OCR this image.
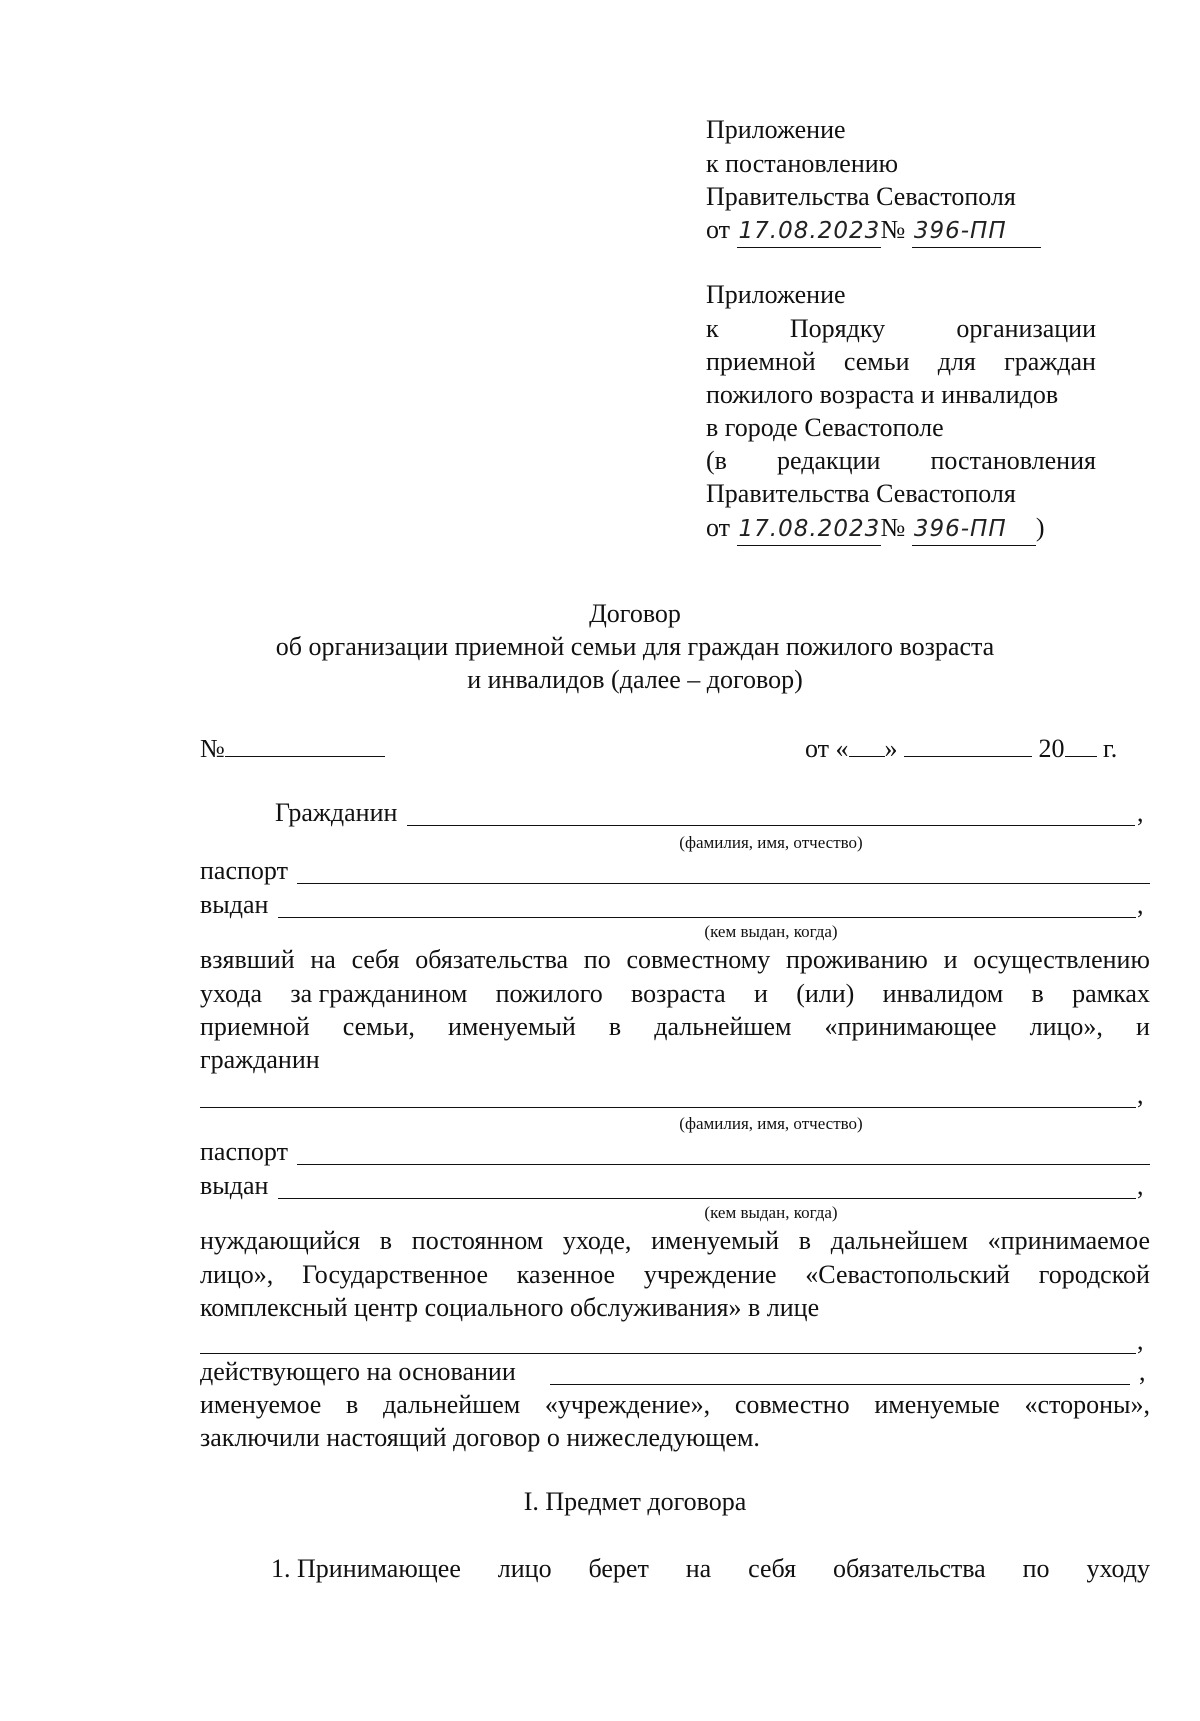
Приложение
к постановлению
Правительства Севастополя
от 17.08.2023№ 396-ПП
Приложение
к	Порядку	организации
приемной семьи для граждан
пожилого возраста и инвалидов
в городе Севастополе
(в редакции постановления
Правительства Севастополя
от 17.08.2023№ 396-ПП )
Договор
об организации приемной семьи для граждан пожилого возраста
и инвалидов (далее – договор)
№	от « »	20 г.
Гражданин	,
(фамилия, имя, отчество)
паспорт
выдан	,
(кем выдан, когда)
взявший на себя обязательства по совместному проживанию и осуществлению
ухода за гражданином пожилого возраста и (или) инвалидом в рамках
приемной семьи, именуемый в дальнейшем «принимающее лицо», и
гражданин
,
(фамилия, имя, отчество)
паспорт
выдан	,
(кем выдан, когда)
нуждающийся в постоянном уходе, именуемый в дальнейшем «принимаемое
лицо», Государственное казенное учреждение «Севастопольский городской
комплексный центр социального обслуживания» в лице
,
действующего на основании	,
именуемое в дальнейшем «учреждение», совместно именуемые «стороны»,
заключили настоящий договор о нижеследующем.
I. Предмет договора
1. Принимающее лицо берет на себя обязательства по уходу
